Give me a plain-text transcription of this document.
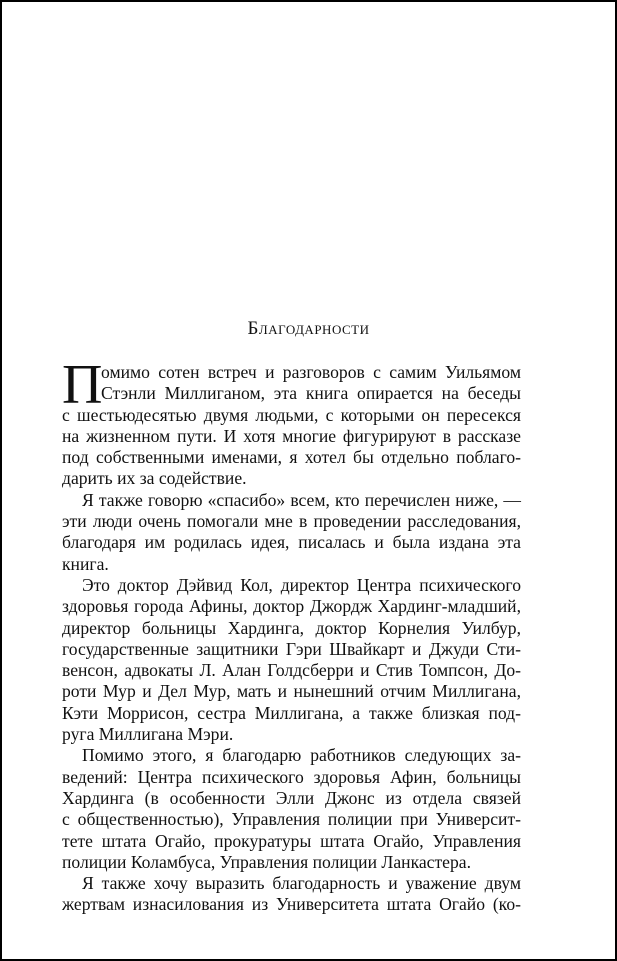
Благодарности
П
омимо сотен встреч и разговоров с самим Уильямом
Стэнли Миллиганом, эта книга опирается на беседы
с шестьюдесятью двумя людьми, с которыми он пересекся
на жизненном пути. И хотя многие фигурируют в рассказе
под собственными именами, я хотел бы отдельно поблаго-
дарить их за содействие.
Я также говорю «спасибо» всем, кто перечислен ниже, —
эти люди очень помогали мне в проведении расследования,
благодаря им родилась идея, писалась и была издана эта
книга.
Это доктор Дэйвид Кол, директор Центра психического
здоровья города Афины, доктор Джордж Хардинг-младший,
директор больницы Хардинга, доктор Корнелия Уилбур,
государственные защитники Гэри Швайкарт и Джуди Сти-
венсон, адвокаты Л. Алан Голдсберри и Стив Томпсон, До-
роти Мур и Дел Мур, мать и нынешний отчим Миллигана,
Кэти Моррисон, сестра Миллигана, а также близкая под-
руга Миллигана Мэри.
Помимо этого, я благодарю работников следующих за-
ведений: Центра психического здоровья Афин, больницы
Хардинга (в особенности Элли Джонс из отдела связей
с общественностью), Управления полиции при Университ-
тете штата Огайо, прокуратуры штата Огайо, Управления
полиции Коламбуса, Управления полиции Ланкастера.
Я также хочу выразить благодарность и уважение двум
жертвам изнасилования из Университета штата Огайо (ко-
